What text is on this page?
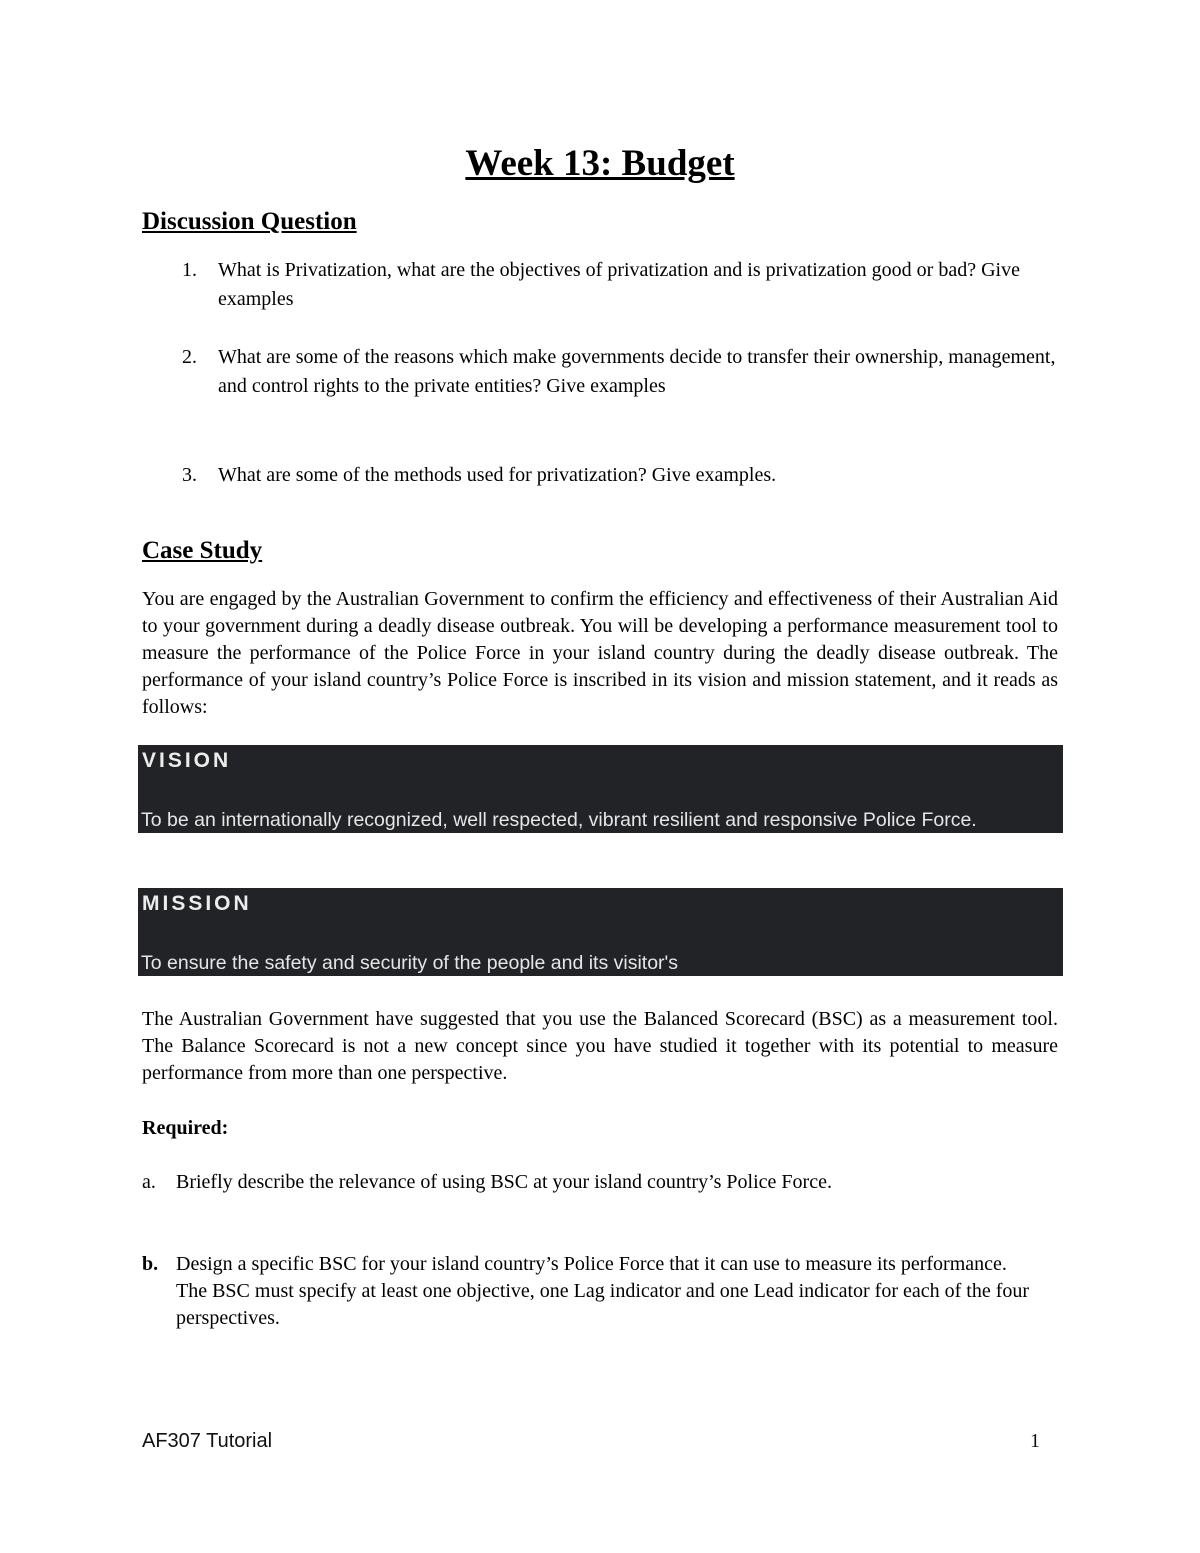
Week 13: Budget
Discussion Question
1. What is Privatization, what are the objectives of privatization and is privatization good or bad? Give examples
2. What are some of the reasons which make governments decide to transfer their ownership, management, and control rights to the private entities? Give examples
3. What are some of the methods used for privatization? Give examples.
Case Study

You are engaged by the Australian Government to confirm the efficiency and effectiveness of their Australian Aid to your government during a deadly disease outbreak. You will be developing a performance measurement tool to measure the performance of the Police Force in your island country during the deadly disease outbreak. The performance of your island country’s Police Force is inscribed in its vision and mission statement, and it reads as follows:

VISION
To be an internationally recognized, well respected, vibrant resilient and responsive Police Force.
MISSION
To ensure the safety and security of the people and its visitor's

The Australian Government have suggested that you use the Balanced Scorecard (BSC) as a measurement tool. The Balance Scorecard is not a new concept since you have studied it together with its potential to measure performance from more than one perspective.

Required:

a. Briefly describe the relevance of using BSC at your island country’s Police Force.
b. Design a specific BSC for your island country’s Police Force that it can use to measure its performance. The BSC must specify at least one objective, one Lag indicator and one Lead indicator for each of the four perspectives.
AF307 Tutorial	1
